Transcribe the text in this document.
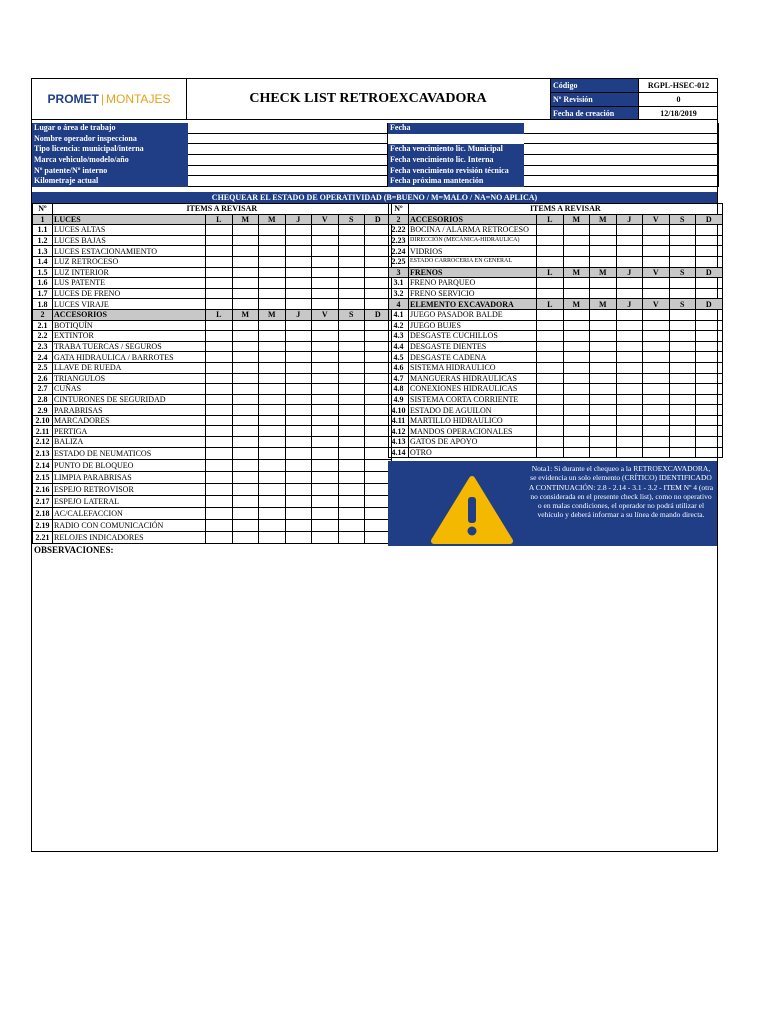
PROMET | MONTAJES	CHECK LIST RETROEXCAVADORA
Código	RGPL-HSEC-012
Nº Revisión	0
Fecha de creación	12/18/2019
Lugar o área de trabajo
Nombre operador inspecciona
Tipo licencia: municipal/interna
Marca vehiculo/modelo/año
Nº patente/Nº interno
Kilometraje actual
Fecha
Fecha vencimiento lic. Municipal
Fecha vencimiento lic. Interna
Fecha vencimiento revisión técnica
Fecha próxima mantención
CHEQUEAR EL ESTADO DE OPERATIVIDAD (B=BUENO / M=MALO / NA=NO APLICA)
Nº	ITEMS A REVISAR							
1	LUCES	L	M	M	J	V	S	D
1.1	LUCES ALTAS							
1.2	LUCES BAJAS							
1.3	LUCES ESTACIONAMIENTO							
1.4	LUZ RETROCESO							
1.5	LUZ INTERIOR							
1.6	LUS PATENTE							
1.7	LUCES DE FRENO							
1.8	LUCES VIRAJE							
2	ACCESORIOS	L	M	M	J	V	S	D
2.1	BOTIQUÍN							
2.2	EXTINTOR							
2.3	TRABA TUERCAS / SEGUROS							
2.4	GATA HIDRAULICA / BARROTES							
2.5	LLAVE DE RUEDA							
2.6	TRIANGULOS							
2.7	CUÑAS							
2.8	CINTURONES DE SEGURIDAD							
2.9	PARABRISAS							
2.10	MARCADORES							
2.11	PERTIGA							
2.12	BALIZA							
2.13	ESTADO DE NEUMATICOS							
2.14	PUNTO DE BLOQUEO							
2.15	LIMPIA PARABRISAS							
2.16	ESPEJO RETROVISOR							
2.17	ESPEJO LATERAL							
2.18	AC/CALEFACCION							
2.19	RADIO CON COMUNICACIÓN							
2.21	RELOJES INDICADORES							
Nº	ITEMS A REVISAR							
2	ACCESORIOS	L	M	M	J	V	S	D
2.22	BOCINA / ALARMA RETROCESO							
2.23	DIRECCIÓN (MECÁNICA-HIDRÁULICA)							
2.24	VIDRIOS							
2.25	ESTADO CARROCERIA EN GENERAL							
3	FRENOS	L	M	M	J	V	S	D
3.1	FRENO PARQUEO							
3.2	FRENO SERVICIO							
4	ELEMENTO EXCAVADORA	L	M	M	J	V	S	D
4.1	JUEGO PASADOR BALDE							
4.2	JUEGO BUJES							
4.3	DESGASTE CUCHILLOS							
4.4	DESGASTE DIENTES							
4.5	DESGASTE CADENA							
4.6	SISTEMA HIDRAULICO							
4.7	MANGUERAS HIDRAULICAS							
4.8	CONEXIONES HIDRAULICAS							
4.9	SISTEMA CORTA CORRIENTE							
4.10	ESTADO DE AGUILON							
4.11	MARTILLO HIDRAULICO							
4.12	MANDOS OPERACIONALES							
4.13	GATOS DE APOYO							
4.14	OTRO							
Nota1: Si durante el chequeo a la RETROEXCAVADORA, se evidencia un solo elemento (CRÍTICO) IDENTIFICADO A CONTINUACIÓN: 2.8 - 2.14 - 3.1 - 3.2 - ITEM Nº 4 (otra no considerada en el presente check list), como no operativo o en malas condiciones, el operador no podrá utilizar el vehículo y deberá informar a su línea de mando directa.
OBSERVACIONES:
